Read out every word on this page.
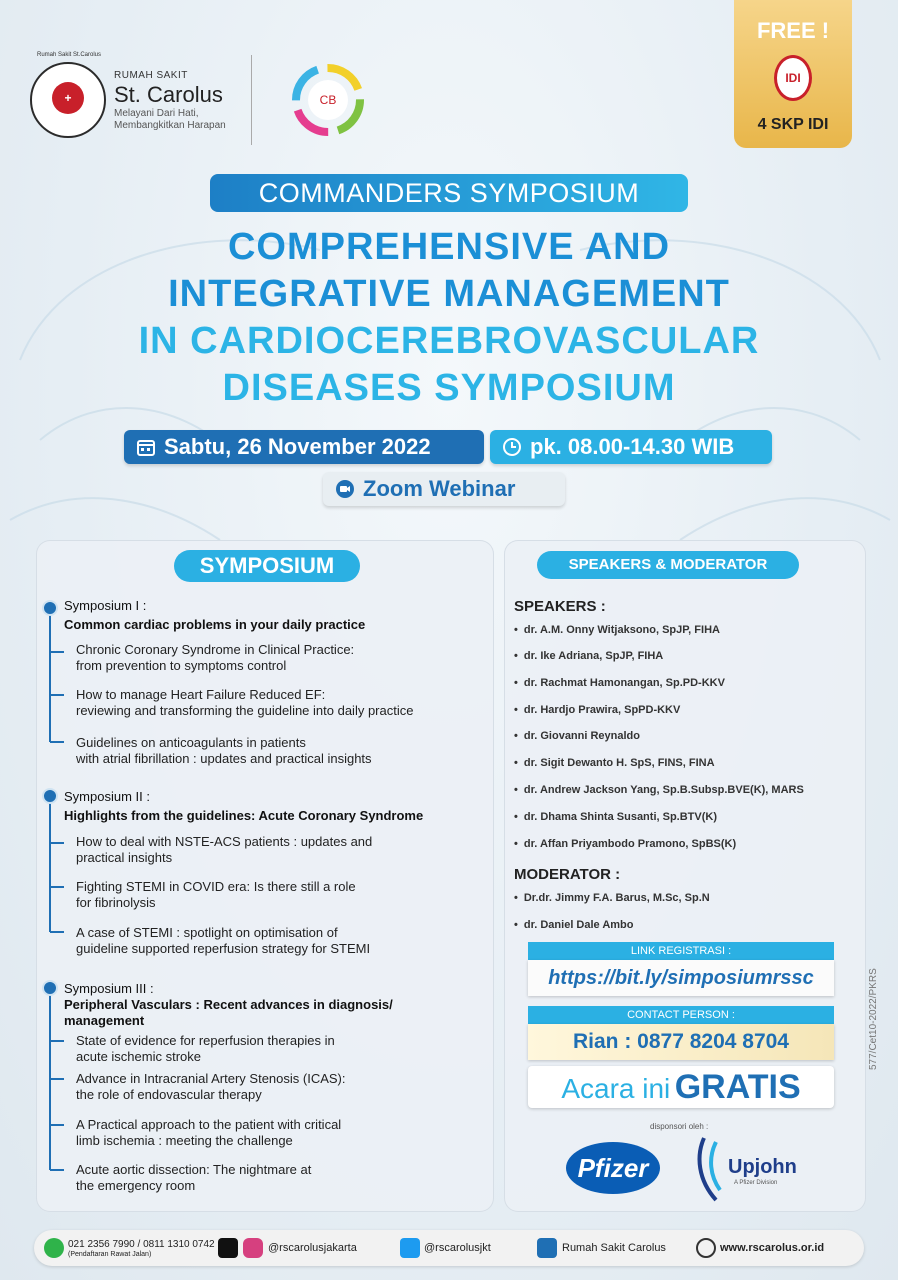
+
Rumah Sakit St.Carolus
RUMAH SAKIT
St. Carolus
Melayani Dari Hati, Membangkitkan Harapan
CB
FREE !
IDI
4 SKP IDI
COMMANDERS SYMPOSIUM
COMPREHENSIVE AND
INTEGRATIVE MANAGEMENT
IN CARDIOCEREBROVASCULAR
DISEASES SYMPOSIUM
Sabtu, 26 November 2022	pk. 08.00-14.30 WIB
Zoom Webinar
SYMPOSIUM	SPEAKERS & MODERATOR
Symposium I :
Common cardiac problems in your daily practice
Chronic Coronary Syndrome in Clinical Practice:
from prevention to symptoms control
How to manage Heart Failure Reduced EF:
reviewing and transforming the guideline into daily practice
Guidelines on anticoagulants in patients
with atrial fibrillation : updates and practical insights
Symposium II :
Highlights from the guidelines: Acute Coronary Syndrome
How to deal with NSTE-ACS patients : updates and
practical insights
Fighting STEMI in COVID era: Is there still a role
for fibrinolysis
A case of STEMI : spotlight on optimisation of
guideline supported reperfusion strategy for STEMI
Symposium III :
Peripheral Vasculars : Recent advances in diagnosis/
management
State of evidence for reperfusion therapies in
acute ischemic stroke
Advance in Intracranial Artery Stenosis (ICAS):
the role of endovascular therapy
A Practical approach to the patient with critical
limb ischemia : meeting the challenge
Acute aortic dissection: The nightmare at
the emergency room
SPEAKERS :
• dr. A.M. Onny Witjaksono, SpJP, FIHA
• dr. Ike Adriana, SpJP, FIHA
• dr. Rachmat Hamonangan, Sp.PD-KKV
• dr. Hardjo Prawira, SpPD-KKV
• dr. Giovanni Reynaldo
• dr. Sigit Dewanto H. SpS, FINS, FINA
• dr. Andrew Jackson Yang, Sp.B.Subsp.BVE(K), MARS
• dr. Dhama Shinta Susanti, Sp.BTV(K)
• dr. Affan Priyambodo Pramono, SpBS(K)
MODERATOR :
• Dr.dr. Jimmy F.A. Barus, M.Sc, Sp.N
• dr. Daniel Dale Ambo
LINK REGISTRASI :
https://bit.ly/simposiumrssc
CONTACT PERSON :
Rian : 0877 8204 8704
Acara ini GRATIS
disponsori oleh :
Pfizer	Upjohn
A Pfizer Division
577/Cet10-2022/PKRS
021 2356 7990 / 0811 1310 0742
(Pendaftaran Rawat Jalan)
@rscarolusjakarta	@rscarolusjkt	Rumah Sakit Carolus	www.rscarolus.or.id
